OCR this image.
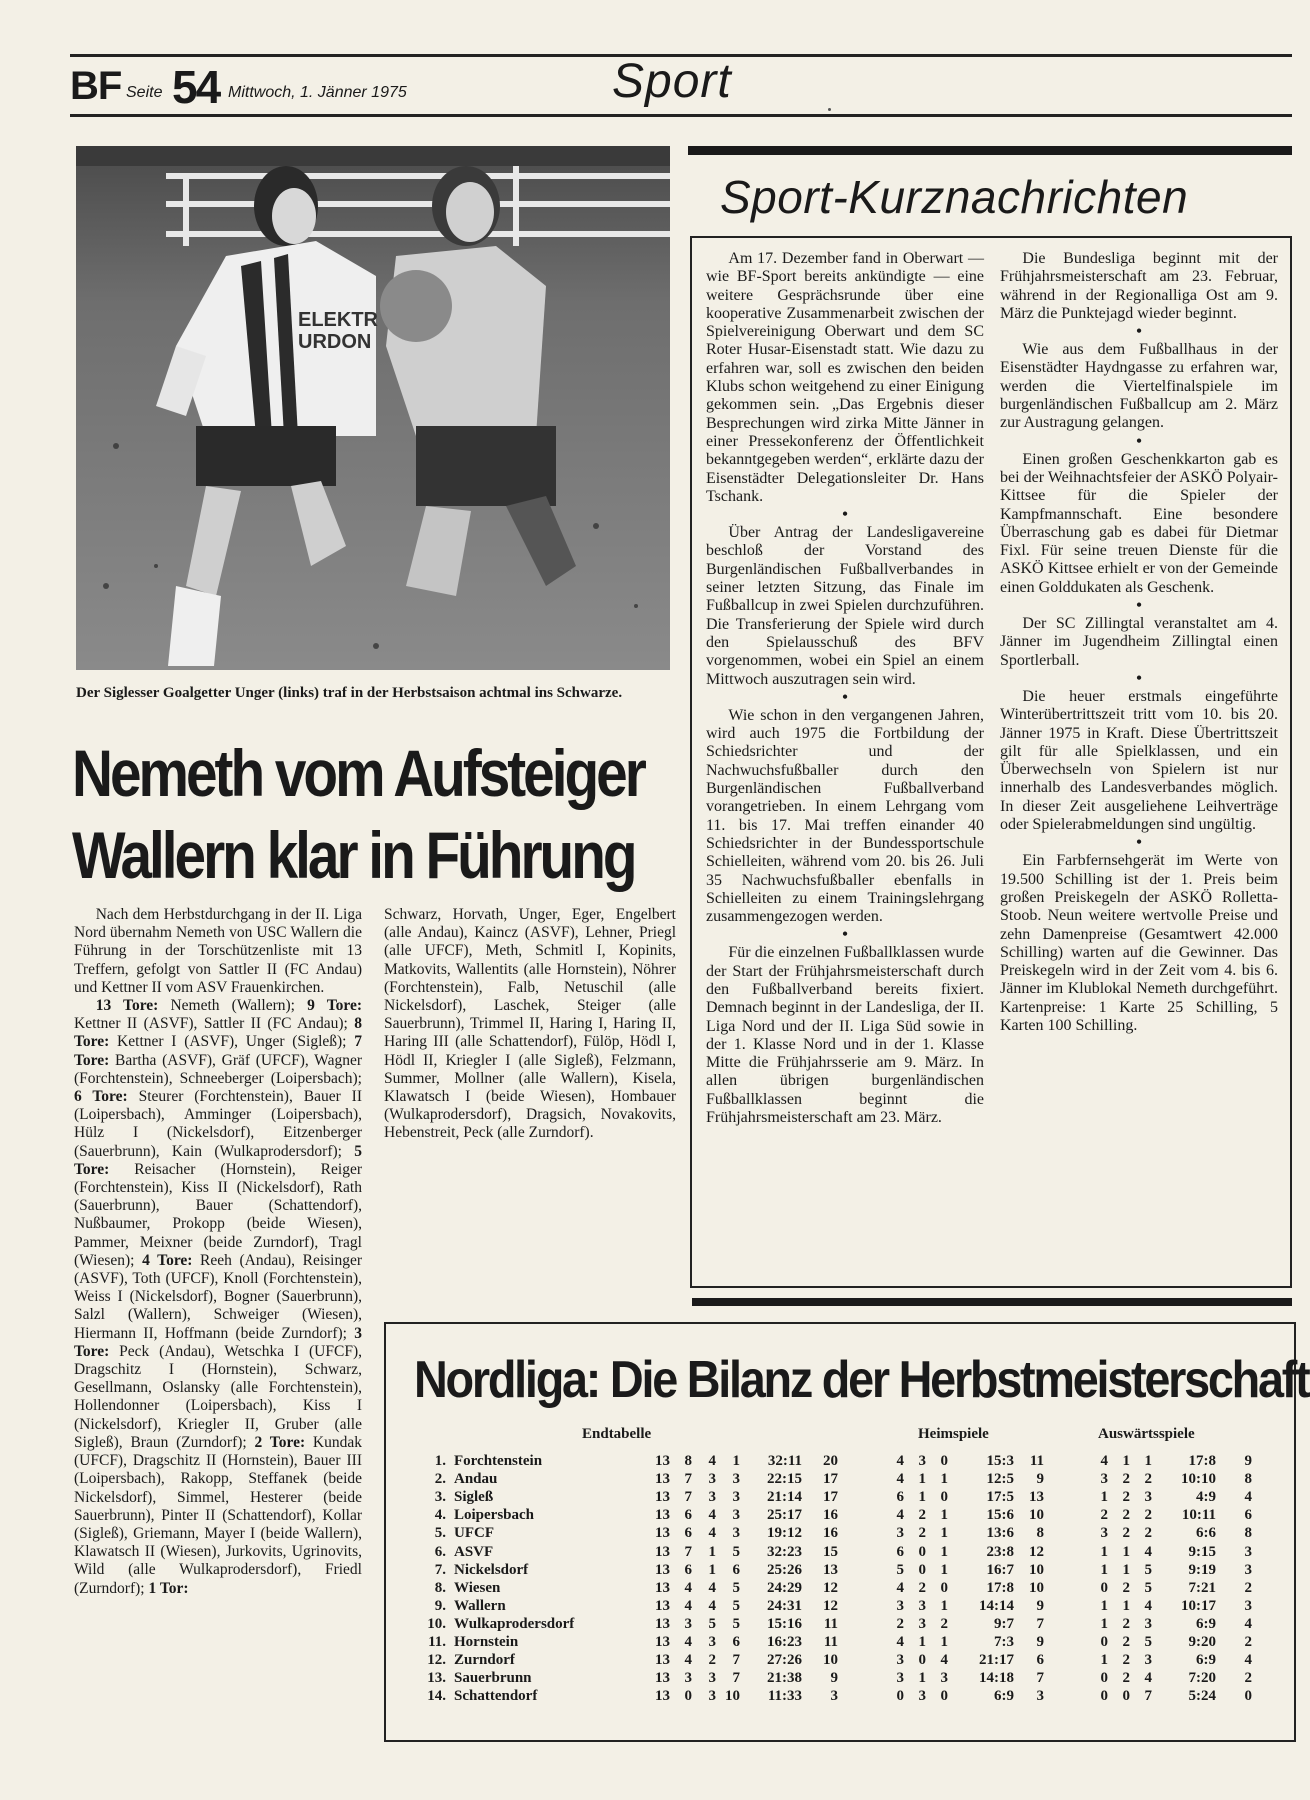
BF Seite 54 Mittwoch, 1. Jänner 1975	Sport
ELEKTR
URDON
Der Siglesser Goalgetter Unger (links) traf in der Herbstsaison achtmal ins Schwarze.
Nemeth vom Aufsteiger
Wallern klar in Führung

Nach dem Herbstdurchgang in der II. Liga Nord übernahm Nemeth von USC Wallern die Führung in der Torschützenliste mit 13 Treffern, gefolgt von Sattler II (FC Andau) und Kettner II vom ASV Frauenkirchen.

13 Tore: Nemeth (Wallern); 9 Tore: Kettner II (ASVF), Sattler II (FC Andau); 8 Tore: Kettner I (ASVF), Unger (Sigleß); 7 Tore: Bartha (ASVF), Gräf (UFCF), Wagner (Forchtenstein), Schneeberger (Loipersbach); 6 Tore: Steurer (Forchtenstein), Bauer II (Loipersbach), Amminger (Loipersbach), Hülz I (Nickelsdorf), Eitzenberger (Sauerbrunn), Kain (Wulkaprodersdorf); 5 Tore: Reisacher (Hornstein), Reiger (Forchtenstein), Kiss II (Nickelsdorf), Rath (Sauerbrunn), Bauer (Schattendorf), Nußbaumer, Prokopp (beide Wiesen), Pammer, Meixner (beide Zurndorf), Tragl (Wiesen); 4 Tore: Reeh (Andau), Reisinger (ASVF), Toth (UFCF), Knoll (Forchtenstein), Weiss I (Nickelsdorf), Bogner (Sauerbrunn), Salzl (Wallern), Schweiger (Wiesen), Hiermann II, Hoffmann (beide Zurndorf); 3 Tore: Peck (Andau), Wetschka I (UFCF), Dragschitz I (Hornstein), Schwarz, Gesellmann, Oslansky (alle Forchtenstein), Hollendonner (Loipersbach), Kiss I (Nickelsdorf), Kriegler II, Gruber (alle Sigleß), Braun (Zurndorf); 2 Tore: Kundak (UFCF), Dragschitz II (Hornstein), Bauer III (Loipersbach), Rakopp, Steffanek (beide Nickelsdorf), Simmel, Hesterer (beide Sauerbrunn), Pinter II (Schattendorf), Kollar (Sigleß), Griemann, Mayer I (beide Wallern), Klawatsch II (Wiesen), Jurkovits, Ugrinovits, Wild (alle Wulkaprodersdorf), Friedl (Zurndorf); 1 Tor:

Sport-Kurznachrichten

Am 17. Dezember fand in Oberwart — wie BF-Sport bereits ankündigte — eine weitere Gesprächsrunde über eine kooperative Zusammenarbeit zwischen der Spielvereinigung Oberwart und dem SC Roter Husar-Eisenstadt statt. Wie dazu zu erfahren war, soll es zwischen den beiden Klubs schon weitgehend zu einer Einigung gekommen sein. „Das Ergebnis dieser Besprechungen wird zirka Mitte Jänner in einer Pressekonferenz der Öffentlichkeit bekanntgegeben werden“, erklärte dazu der Eisenstädter Delegationsleiter Dr. Hans Tschank.

•

Über Antrag der Landesligavereine beschloß der Vorstand des Burgenländischen Fußballverbandes in seiner letzten Sitzung, das Finale im Fußballcup in zwei Spielen durchzuführen. Die Transferierung der Spiele wird durch den Spielausschuß des BFV vorgenommen, wobei ein Spiel an einem Mittwoch auszutragen sein wird.

•

Wie schon in den vergangenen Jahren, wird auch 1975 die Fortbildung der Schiedsrichter und der Nachwuchsfußballer durch den Burgenländischen Fußballverband vorangetrieben. In einem Lehrgang vom 11. bis 17. Mai treffen einander 40 Schiedsrichter in der Bundessportschule Schielleiten, während vom 20. bis 26. Juli 35 Nachwuchsfußballer ebenfalls in Schielleiten zu einem Trainingslehrgang zusammengezogen werden.

•

Für die einzelnen Fußballklassen wurde der Start der Frühjahrsmeisterschaft durch den Fußballverband bereits fixiert. Demnach beginnt in der Landesliga, der II. Liga Nord und der II. Liga Süd sowie in der 1. Klasse Nord und in der 1. Klasse Mitte die Frühjahrsserie am 9. März. In allen übrigen burgenländischen Fußballklassen beginnt die Frühjahrsmeisterschaft am 23. März.

Die Bundesliga beginnt mit der Frühjahrsmeisterschaft am 23. Februar, während in der Regionalliga Ost am 9. März die Punktejagd wieder beginnt.

•

Wie aus dem Fußballhaus in der Eisenstädter Haydngasse zu erfahren war, werden die Viertelfinalspiele im burgenländischen Fußballcup am 2. März zur Austragung gelangen.

•

Einen großen Geschenkkarton gab es bei der Weihnachtsfeier der ASKÖ Polyair-Kittsee für die Spieler der Kampfmannschaft. Eine besondere Überraschung gab es dabei für Dietmar Fixl. Für seine treuen Dienste für die ASKÖ Kittsee erhielt er von der Gemeinde einen Golddukaten als Geschenk.

•

Der SC Zillingtal veranstaltet am 4. Jänner im Jugendheim Zillingtal einen Sportlerball.

•

Die heuer erstmals eingeführte Winterübertrittszeit tritt vom 10. bis 20. Jänner 1975 in Kraft. Diese Übertrittszeit gilt für alle Spielklassen, und ein Überwechseln von Spielern ist nur innerhalb des Landesverbandes möglich. In dieser Zeit ausgeliehene Leihverträge oder Spielerabmeldungen sind ungültig.

•

Ein Farbfernsehgerät im Werte von 19.500 Schilling ist der 1. Preis beim großen Preiskegeln der ASKÖ Rolletta-Stoob. Neun weitere wertvolle Preise und zehn Damenpreise (Gesamtwert 42.000 Schilling) warten auf die Gewinner. Das Preiskegeln wird in der Zeit vom 4. bis 6. Jänner im Klublokal Nemeth durchgeführt. Kartenpreise: 1 Karte 25 Schilling, 5 Karten 100 Schilling.

Nordliga: Die Bilanz der Herbstmeisterschaft
Endtabelle	Heimspiele	Auswärtsspiele
1. Forchtenstein	13 8	4	1	32:11	20	4 3 0	15:3	11	4 1 1	17:8	9
2. Andau	13 7	3	3	22:15	17	4 1 1	12:5	9	3 2 2	10:10	8
3. Sigleß	13 7	3	3	21:14	17	6 1 0	17:5	13	1 2 3	4:9	4
4. Loipersbach	13 6	4	3	25:17	16	4 2 1	15:6	10	2 2 2	10:11	6
5. UFCF	13 6	4	3	19:12	16	3 2 1	13:6	8	3 2 2	6:6	8
6. ASVF	13 7	1	5	32:23	15	6 0 1	23:8	12	1 1 4	9:15	3
7. Nickelsdorf	13 6	1	6	25:26	13	5 0 1	16:7	10	1 1 5	9:19	3
8. Wiesen	13 4	4	5	24:29	12	4 2 0	17:8	10	0 2 5	7:21	2
9. Wallern	13 4	4	5	24:31	12	3 3 1	14:14	9	1 1 4	10:17	3
10. Wulkaprodersdorf	13 3	5	5	15:16	11	2 3 2	9:7	7	1 2 3	6:9	4
11. Hornstein	13 4	3	6	16:23	11	4 1 1	7:3	9	0 2 5	9:20	2
12. Zurndorf	13 4	2	7	27:26	10	3 0 4	21:17	6	1 2 3	6:9	4
13. Sauerbrunn	13 3	3	7	21:38	9	3 1 3	14:18	7	0 2 4	7:20	2
14. Schattendorf	13 0	3 10	11:33	3	0 3 0	6:9	3	0 0 7	5:24	0

Schwarz, Horvath, Unger, Eger, Engelbert (alle Andau), Kaincz (ASVF), Lehner, Priegl (alle UFCF), Meth, Schmitl I, Kopinits, Matkovits, Wallentits (alle Hornstein), Nöhrer (Forchtenstein), Falb, Netuschil (alle Nickelsdorf), Laschek, Steiger (alle Sauerbrunn), Trimmel II, Haring I, Haring II, Haring III (alle Schattendorf), Fülöp, Hödl I, Hödl II, Kriegler I (alle Sigleß), Felzmann, Summer, Mollner (alle Wallern), Kisela, Klawatsch I (beide Wiesen), Hombauer (Wulkaprodersdorf), Dragsich, Novakovits, Hebenstreit, Peck (alle Zurndorf).
